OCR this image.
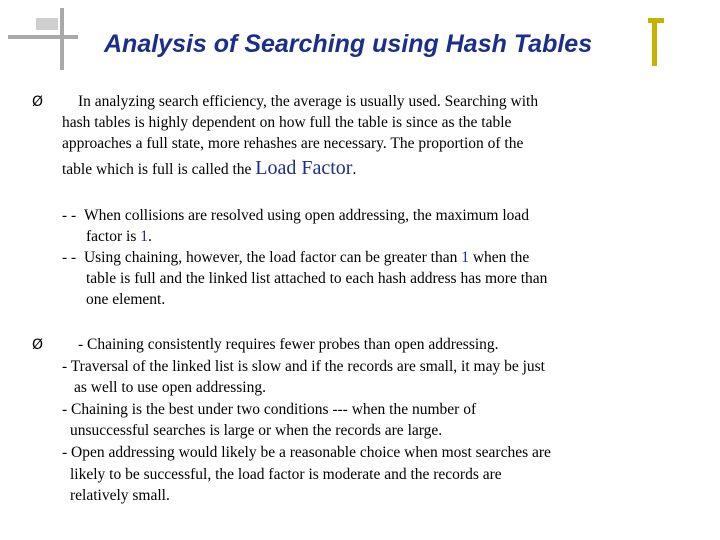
Analysis of Searching using Hash Tables
Ø In analyzing search efficiency, the average is usually used. Searching with

hash tables is highly dependent on how full the table is since as the table

approaches a full state, more rehashes are necessary. The proportion of the

table which is full is called the Load Factor.

- - When collisions are resolved using open addressing, the maximum load

factor is 1.

- - Using chaining, however, the load factor can be greater than 1 when the

table is full and the linked list attached to each hash address has more than

one element.

Ø - Chaining consistently requires fewer probes than open addressing.

- Traversal of the linked list is slow and if the records are small, it may be just

as well to use open addressing.

- Chaining is the best under two conditions --- when the number of

unsuccessful searches is large or when the records are large.

- Open addressing would likely be a reasonable choice when most searches are

likely to be successful, the load factor is moderate and the records are

relatively small.
